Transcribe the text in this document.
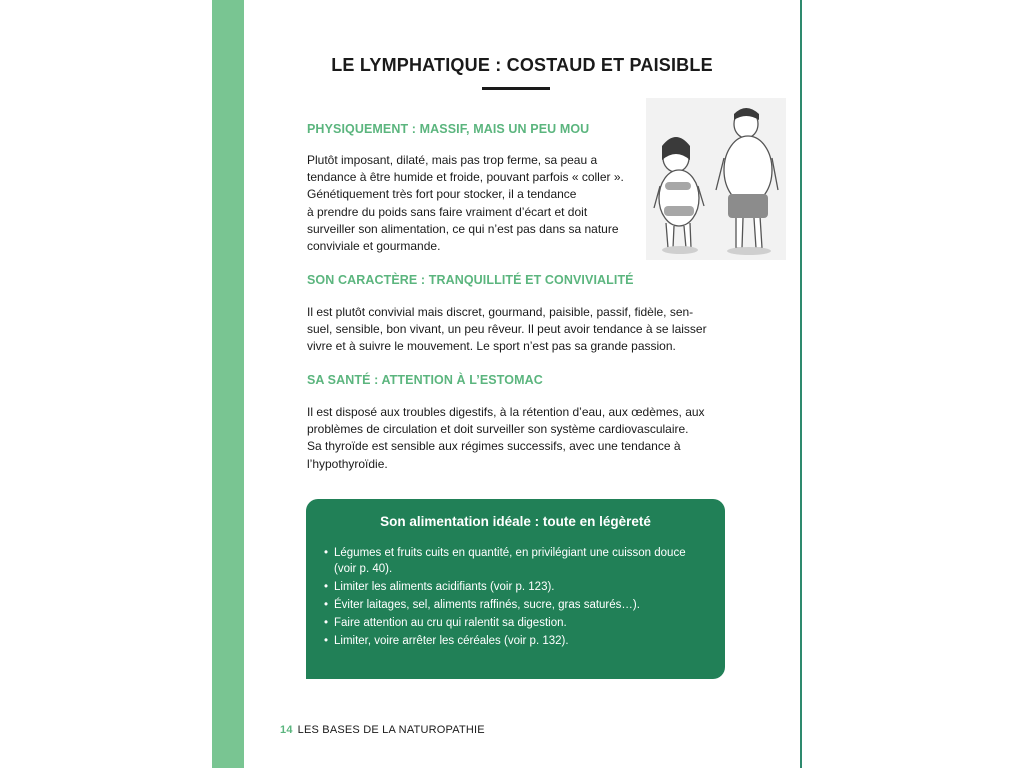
LE LYMPHATIQUE : COSTAUD ET PAISIBLE
PHYSIQUEMENT : MASSIF, MAIS UN PEU MOU

Plutôt imposant, dilaté, mais pas trop ferme, sa peau a
tendance à être humide et froide, pouvant parfois « coller ».
Génétiquement très fort pour stocker, il a tendance
à prendre du poids sans faire vraiment d’écart et doit
surveiller son alimentation, ce qui n’est pas dans sa nature
conviviale et gourmande.

SON CARACTÈRE : TRANQUILLITÉ ET CONVIVIALITÉ

Il est plutôt convivial mais discret, gourmand, paisible, passif, fidèle, sen-
suel, sensible, bon vivant, un peu rêveur. Il peut avoir tendance à se laisser
vivre et à suivre le mouvement. Le sport n’est pas sa grande passion.

SA SANTÉ : ATTENTION À L’ESTOMAC

Il est disposé aux troubles digestifs, à la rétention d’eau, aux œdèmes, aux
problèmes de circulation et doit surveiller son système cardiovasculaire.
Sa thyroïde est sensible aux régimes successifs, avec une tendance à
l’hypothyroïdie.

Son alimentation idéale : toute en légèreté
• Légumes et fruits cuits en quantité, en privilégiant une cuisson douce (voir p. 40).
• Limiter les aliments acidifiants (voir p. 123).
• Éviter laitages, sel, aliments raffinés, sucre, gras saturés…).
• Faire attention au cru qui ralentit sa digestion.
• Limiter, voire arrêter les céréales (voir p. 132).
14 LES BASES DE LA NATUROPATHIE
